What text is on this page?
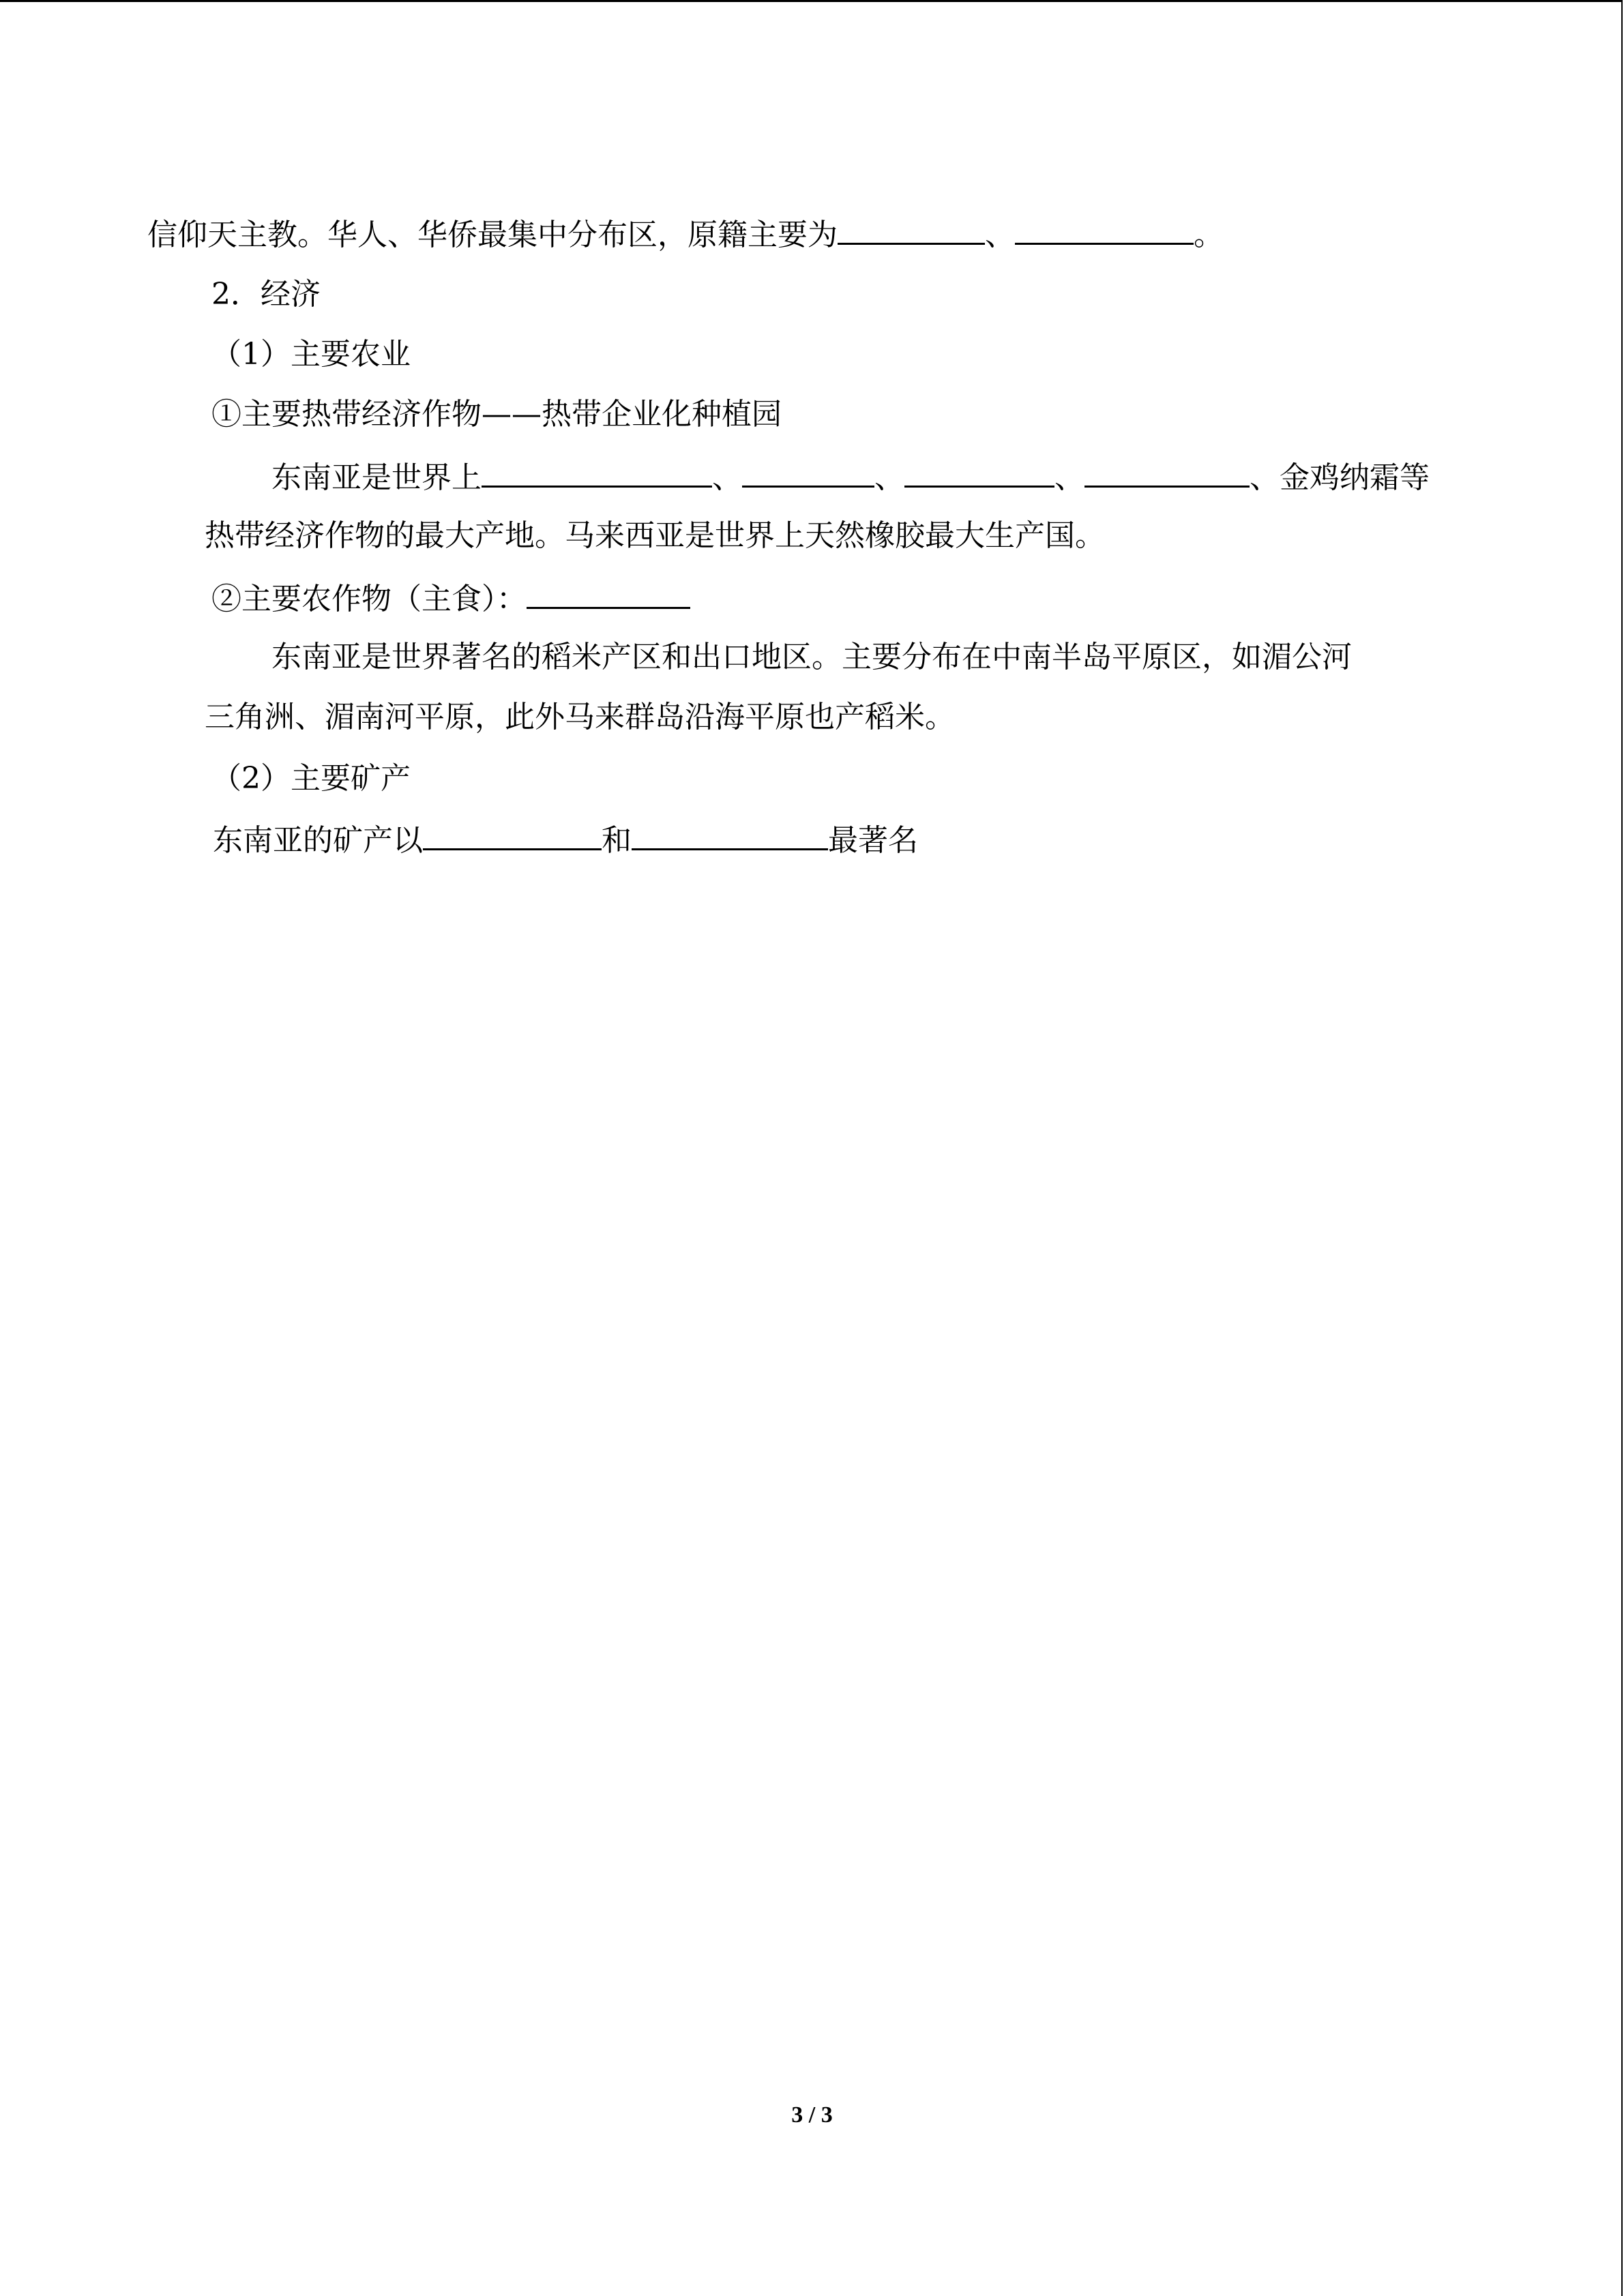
信仰天主教。华人、华侨最集中分布区，原籍主要为	、	。
2．经济
（1）主要农业
①主要热带经济作物——热带企业化种植园
东南亚是世界上	、	、	、	、金鸡纳霜等
热带经济作物的最大产地。马来西亚是世界上天然橡胶最大生产国。
②主要农作物（主食）：
东南亚是世界著名的稻米产区和出口地区。主要分布在中南半岛平原区，如湄公河
三角洲、湄南河平原，此外马来群岛沿海平原也产稻米。
（2）主要矿产
东南亚的矿产以	和	最著名
3 / 3
